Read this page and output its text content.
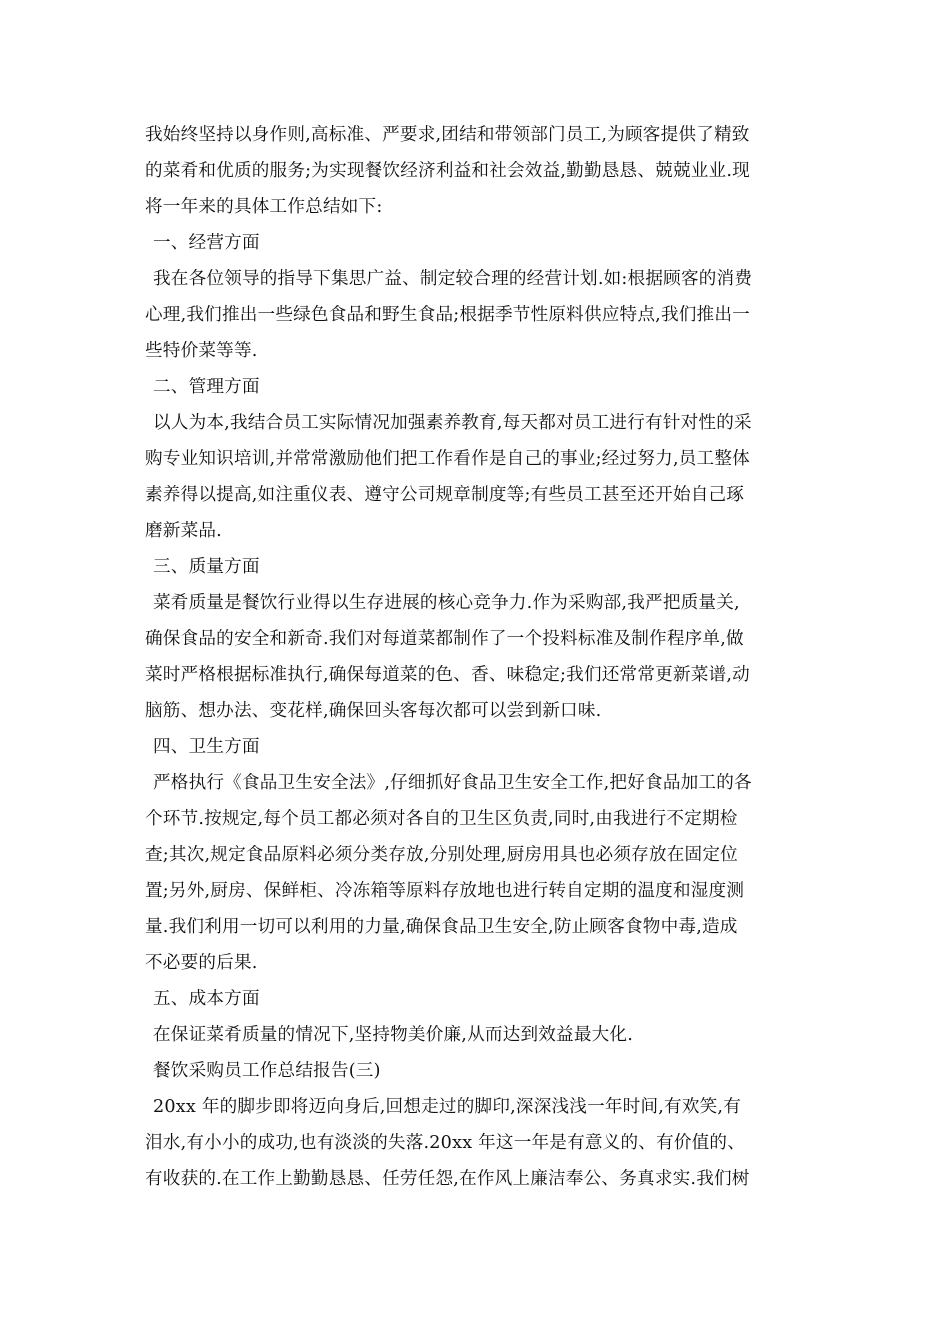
我始终坚持以身作则,高标准、严要求,团结和带领部门员工,为顾客提供了精致
的菜肴和优质的服务;为实现餐饮经济利益和社会效益,勤勤恳恳、兢兢业业.现
将一年来的具体工作总结如下:
一、经营方面
我在各位领导的指导下集思广益、制定较合理的经营计划.如:根据顾客的消费
心理,我们推出一些绿色食品和野生食品;根据季节性原料供应特点,我们推出一
些特价菜等等.
二、管理方面
以人为本,我结合员工实际情况加强素养教育,每天都对员工进行有针对性的采
购专业知识培训,并常常激励他们把工作看作是自己的事业;经过努力,员工整体
素养得以提高,如注重仪表、遵守公司规章制度等;有些员工甚至还开始自己琢
磨新菜品.
三、质量方面
菜肴质量是餐饮行业得以生存进展的核心竞争力.作为采购部,我严把质量关,
确保食品的安全和新奇.我们对每道菜都制作了一个投料标准及制作程序单,做
菜时严格根据标准执行,确保每道菜的色、香、味稳定;我们还常常更新菜谱,动
脑筋、想办法、变花样,确保回头客每次都可以尝到新口味.
四、卫生方面
严格执行《食品卫生安全法》,仔细抓好食品卫生安全工作,把好食品加工的各
个环节.按规定,每个员工都必须对各自的卫生区负责,同时,由我进行不定期检
查;其次,规定食品原料必须分类存放,分别处理,厨房用具也必须存放在固定位
置;另外,厨房、保鲜柜、冷冻箱等原料存放地也进行转自定期的温度和湿度测
量.我们利用一切可以利用的力量,确保食品卫生安全,防止顾客食物中毒,造成
不必要的后果.
五、成本方面
在保证菜肴质量的情况下,坚持物美价廉,从而达到效益最大化.
餐饮采购员工作总结报告(三)
20xx 年的脚步即将迈向身后,回想走过的脚印,深深浅浅一年时间,有欢笑,有
泪水,有小小的成功,也有淡淡的失落.20xx 年这一年是有意义的、有价值的、
有收获的.在工作上勤勤恳恳、任劳任怨,在作风上廉洁奉公、务真求实.我们树
